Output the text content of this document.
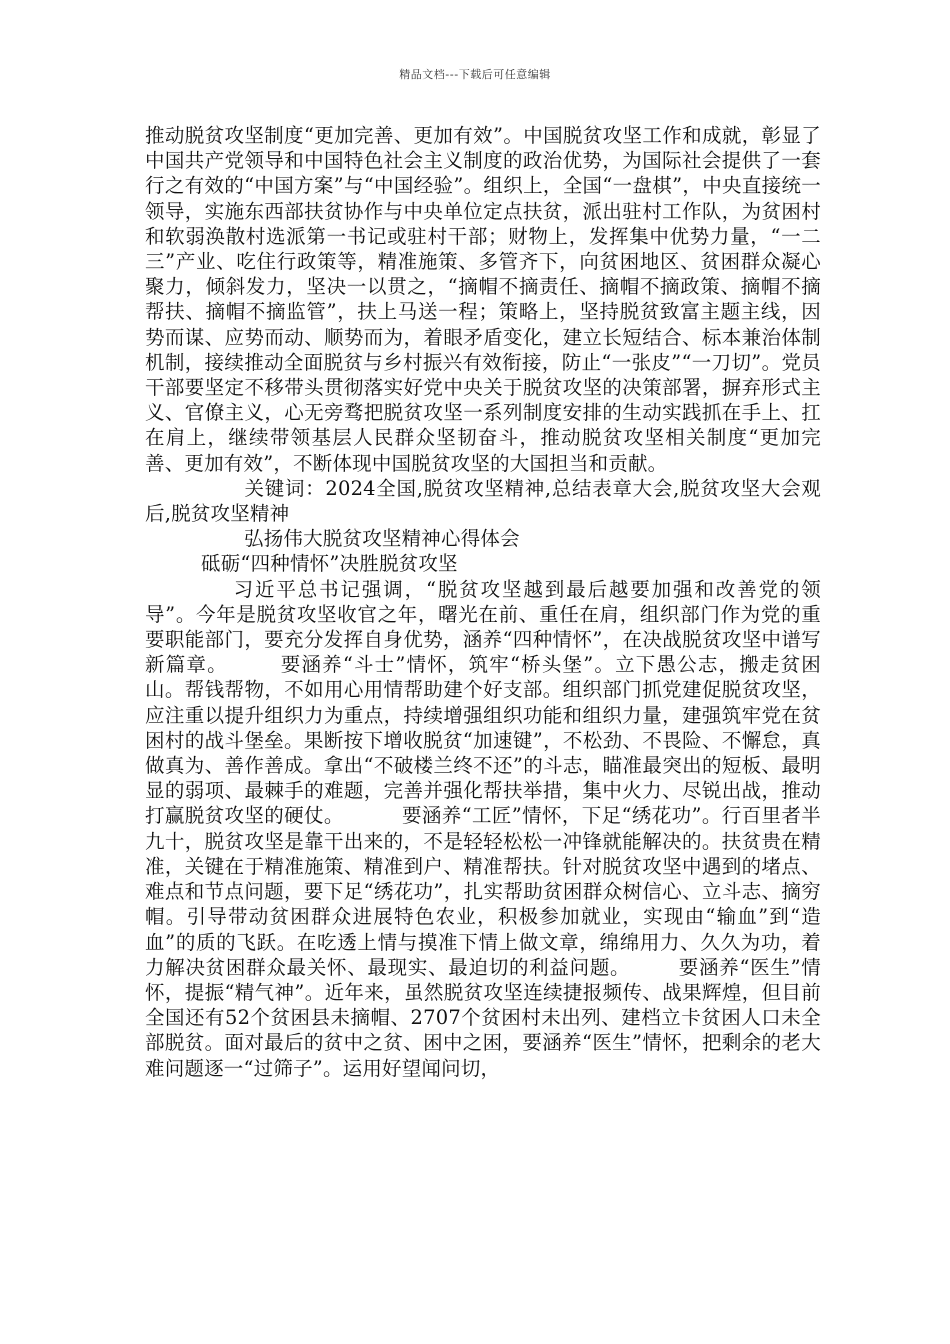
精品文档---下载后可任意编辑

推动脱贫攻坚制度“更加完善、更加有效”。中国脱贫攻坚工作和成就，彰显了中国共产党领导和中国特色社会主义制度的政治优势，为国际社会提供了一套行之有效的“中国方案”与“中国经验”。组织上，全国“一盘棋”，中央直接统一领导，实施东西部扶贫协作与中央单位定点扶贫，派出驻村工作队，为贫困村和软弱涣散村选派第一书记或驻村干部；财物上，发挥集中优势力量，“一二三”产业、吃住行政策等，精准施策、多管齐下，向贫困地区、贫困群众凝心聚力，倾斜发力，坚决一以贯之，“摘帽不摘责任、摘帽不摘政策、摘帽不摘帮扶、摘帽不摘监管”，扶上马送一程；策略上，坚持脱贫致富主题主线，因势而谋、应势而动、顺势而为，着眼矛盾变化，建立长短结合、标本兼治体制机制，接续推动全面脱贫与乡村振兴有效衔接，防止“一张皮”“一刀切”。党员干部要坚定不移带头贯彻落实好党中央关于脱贫攻坚的决策部署，摒弃形式主义、官僚主义，心无旁骛把脱贫攻坚一系列制度安排的生动实践抓在手上、扛在肩上，继续带领基层人民群众坚韧奋斗，推动脱贫攻坚相关制度“更加完善、更加有效”，不断体现中国脱贫攻坚的大国担当和贡献。
关键词：2024全国,脱贫攻坚精神,总结表章大会,脱贫攻坚大会观后,脱贫攻坚精神
弘扬伟大脱贫攻坚精神心得体会
砥砺“四种情怀”决胜脱贫攻坚
习近平总书记强调，“脱贫攻坚越到最后越要加强和改善党的领导”。今年是脱贫攻坚收官之年，曙光在前、重任在肩，组织部门作为党的重要职能部门，要充分发挥自身优势，涵养“四种情怀”，在决战脱贫攻坚中谱写新篇章。	要涵养“斗士”情怀，筑牢“桥头堡”。立下愚公志，搬走贫困山。帮钱帮物，不如用心用情帮助建个好支部。组织部门抓党建促脱贫攻坚，应注重以提升组织力为重点，持续增强组织功能和组织力量，建强筑牢党在贫困村的战斗堡垒。果断按下增收脱贫“加速键”，不松劲、不畏险、不懈怠，真做真为、善作善成。拿出“不破楼兰终不还”的斗志，瞄准最突出的短板、最明显的弱项、最棘手的难题，完善并强化帮扶举措，集中火力、尽锐出战，推动打赢脱贫攻坚的硬仗。	要涵养“工匠”情怀，下足“绣花功”。行百里者半九十，脱贫攻坚是靠干出来的，不是轻轻松松一冲锋就能解决的。扶贫贵在精准，关键在于精准施策、精准到户、精准帮扶。针对脱贫攻坚中遇到的堵点、难点和节点问题，要下足“绣花功”，扎实帮助贫困群众树信心、立斗志、摘穷帽。引导带动贫困群众进展特色农业，积极参加就业，实现由“输血”到“造血”的质的飞跃。在吃透上情与摸准下情上做文章，绵绵用力、久久为功，着力解决贫困群众最关怀、最现实、最迫切的利益问题。 要涵养“医生”情怀，提振“精气神”。近年来，虽然脱贫攻坚连续捷报频传、战果辉煌，但目前全国还有52个贫困县未摘帽、2707个贫困村未出列、建档立卡贫困人口未全部脱贫。面对最后的贫中之贫、困中之困，要涵养“医生”情怀，把剩余的老大难问题逐一“过筛子”。运用好望闻问切，
